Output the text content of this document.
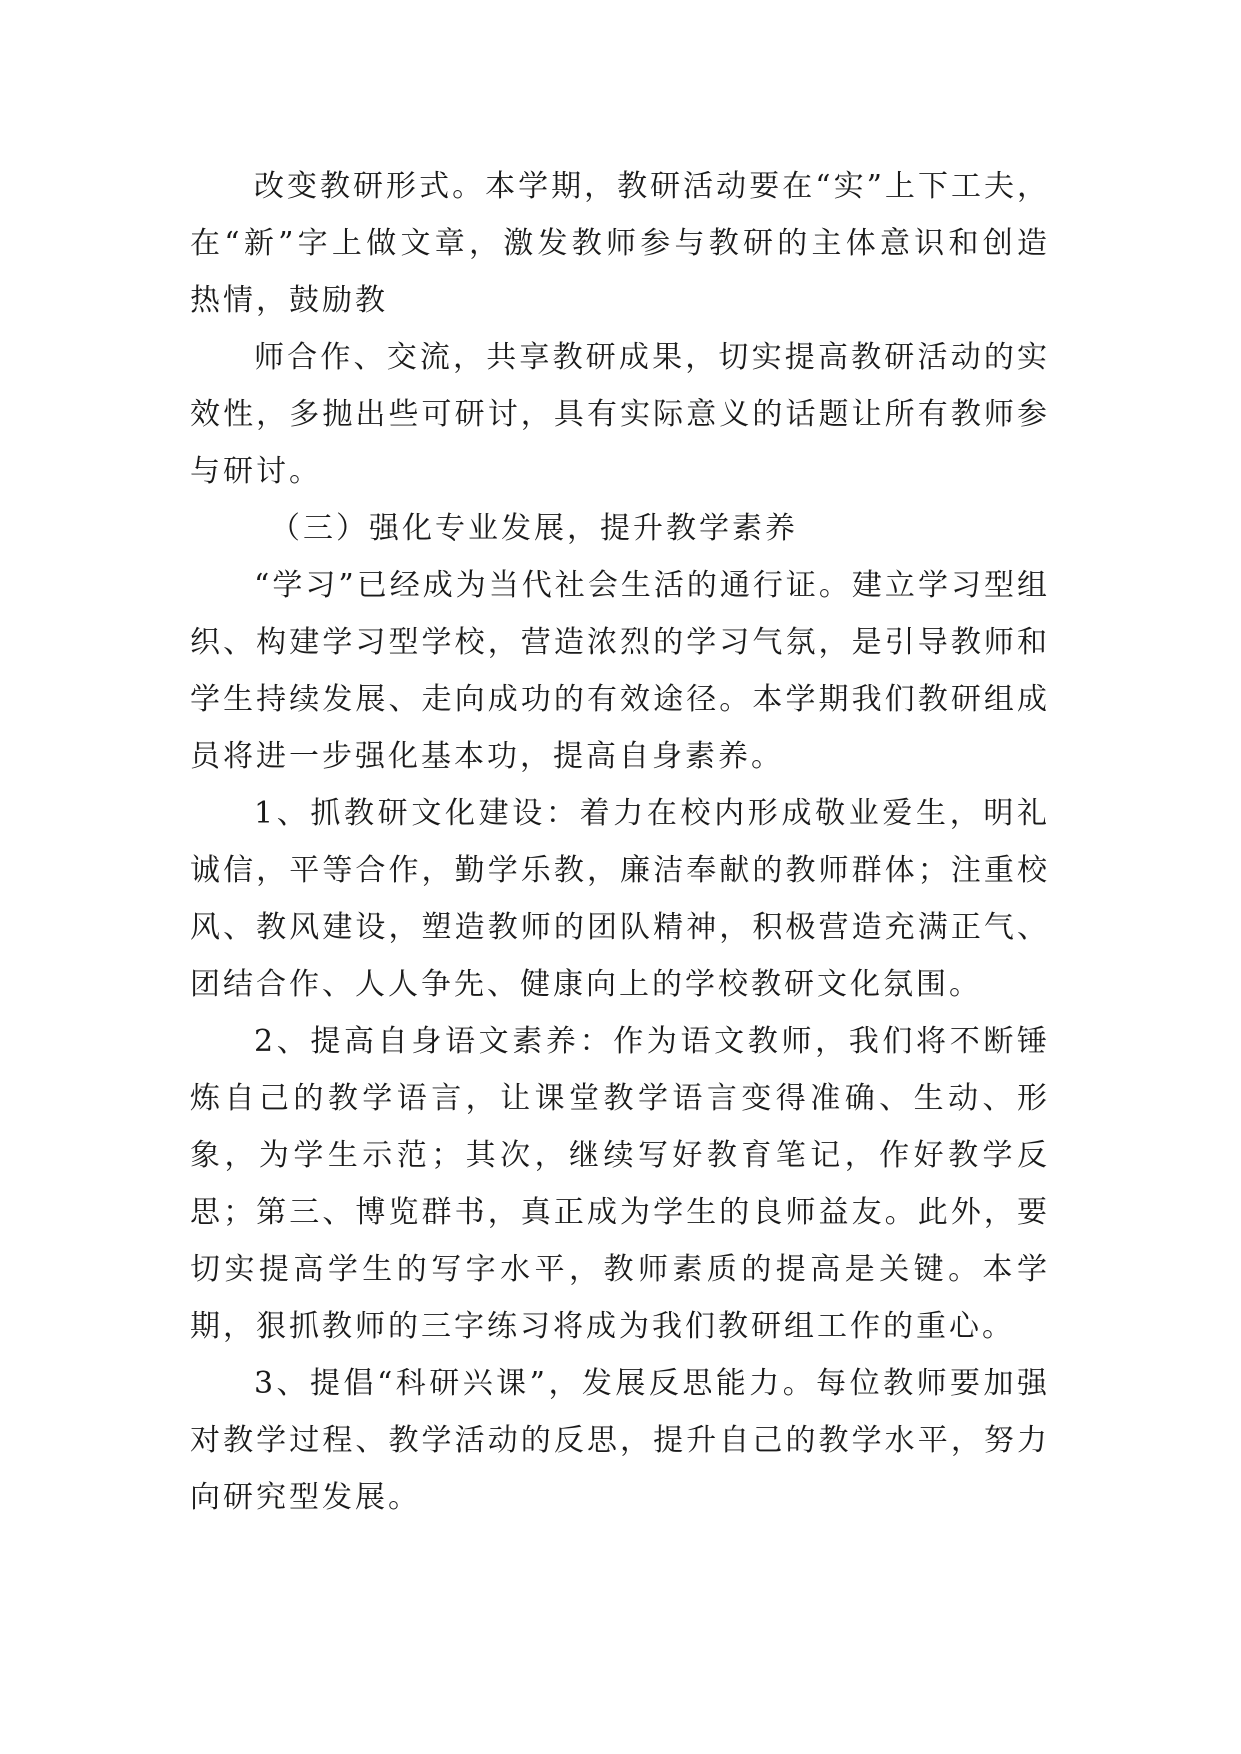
改变教研形式。本学期，教研活动要在“实”上下工夫，在“新”字上做文章，激发教师参与教研的主体意识和创造热情，鼓励教

师合作、交流，共享教研成果，切实提高教研活动的实效性，多抛出些可研讨，具有实际意义的话题让所有教师参与研讨。

（三）强化专业发展，提升教学素养

“学习”已经成为当代社会生活的通行证。建立学习型组织、构建学习型学校，营造浓烈的学习气氛，是引导教师和学生持续发展、走向成功的有效途径。本学期我们教研组成员将进一步强化基本功，提高自身素养。

1、抓教研文化建设：着力在校内形成敬业爱生，明礼诚信，平等合作，勤学乐教，廉洁奉献的教师群体；注重校风、教风建设，塑造教师的团队精神，积极营造充满正气、团结合作、人人争先、健康向上的学校教研文化氛围。

2、提高自身语文素养：作为语文教师，我们将不断锤炼自己的教学语言，让课堂教学语言变得准确、生动、形象，为学生示范；其次，继续写好教育笔记，作好教学反思；第三、博览群书，真正成为学生的良师益友。此外，要切实提高学生的写字水平，教师素质的提高是关键。本学期，狠抓教师的三字练习将成为我们教研组工作的重心。

3、提倡“科研兴课”，发展反思能力。每位教师要加强对教学过程、教学活动的反思，提升自己的教学水平，努力向研究型发展。
